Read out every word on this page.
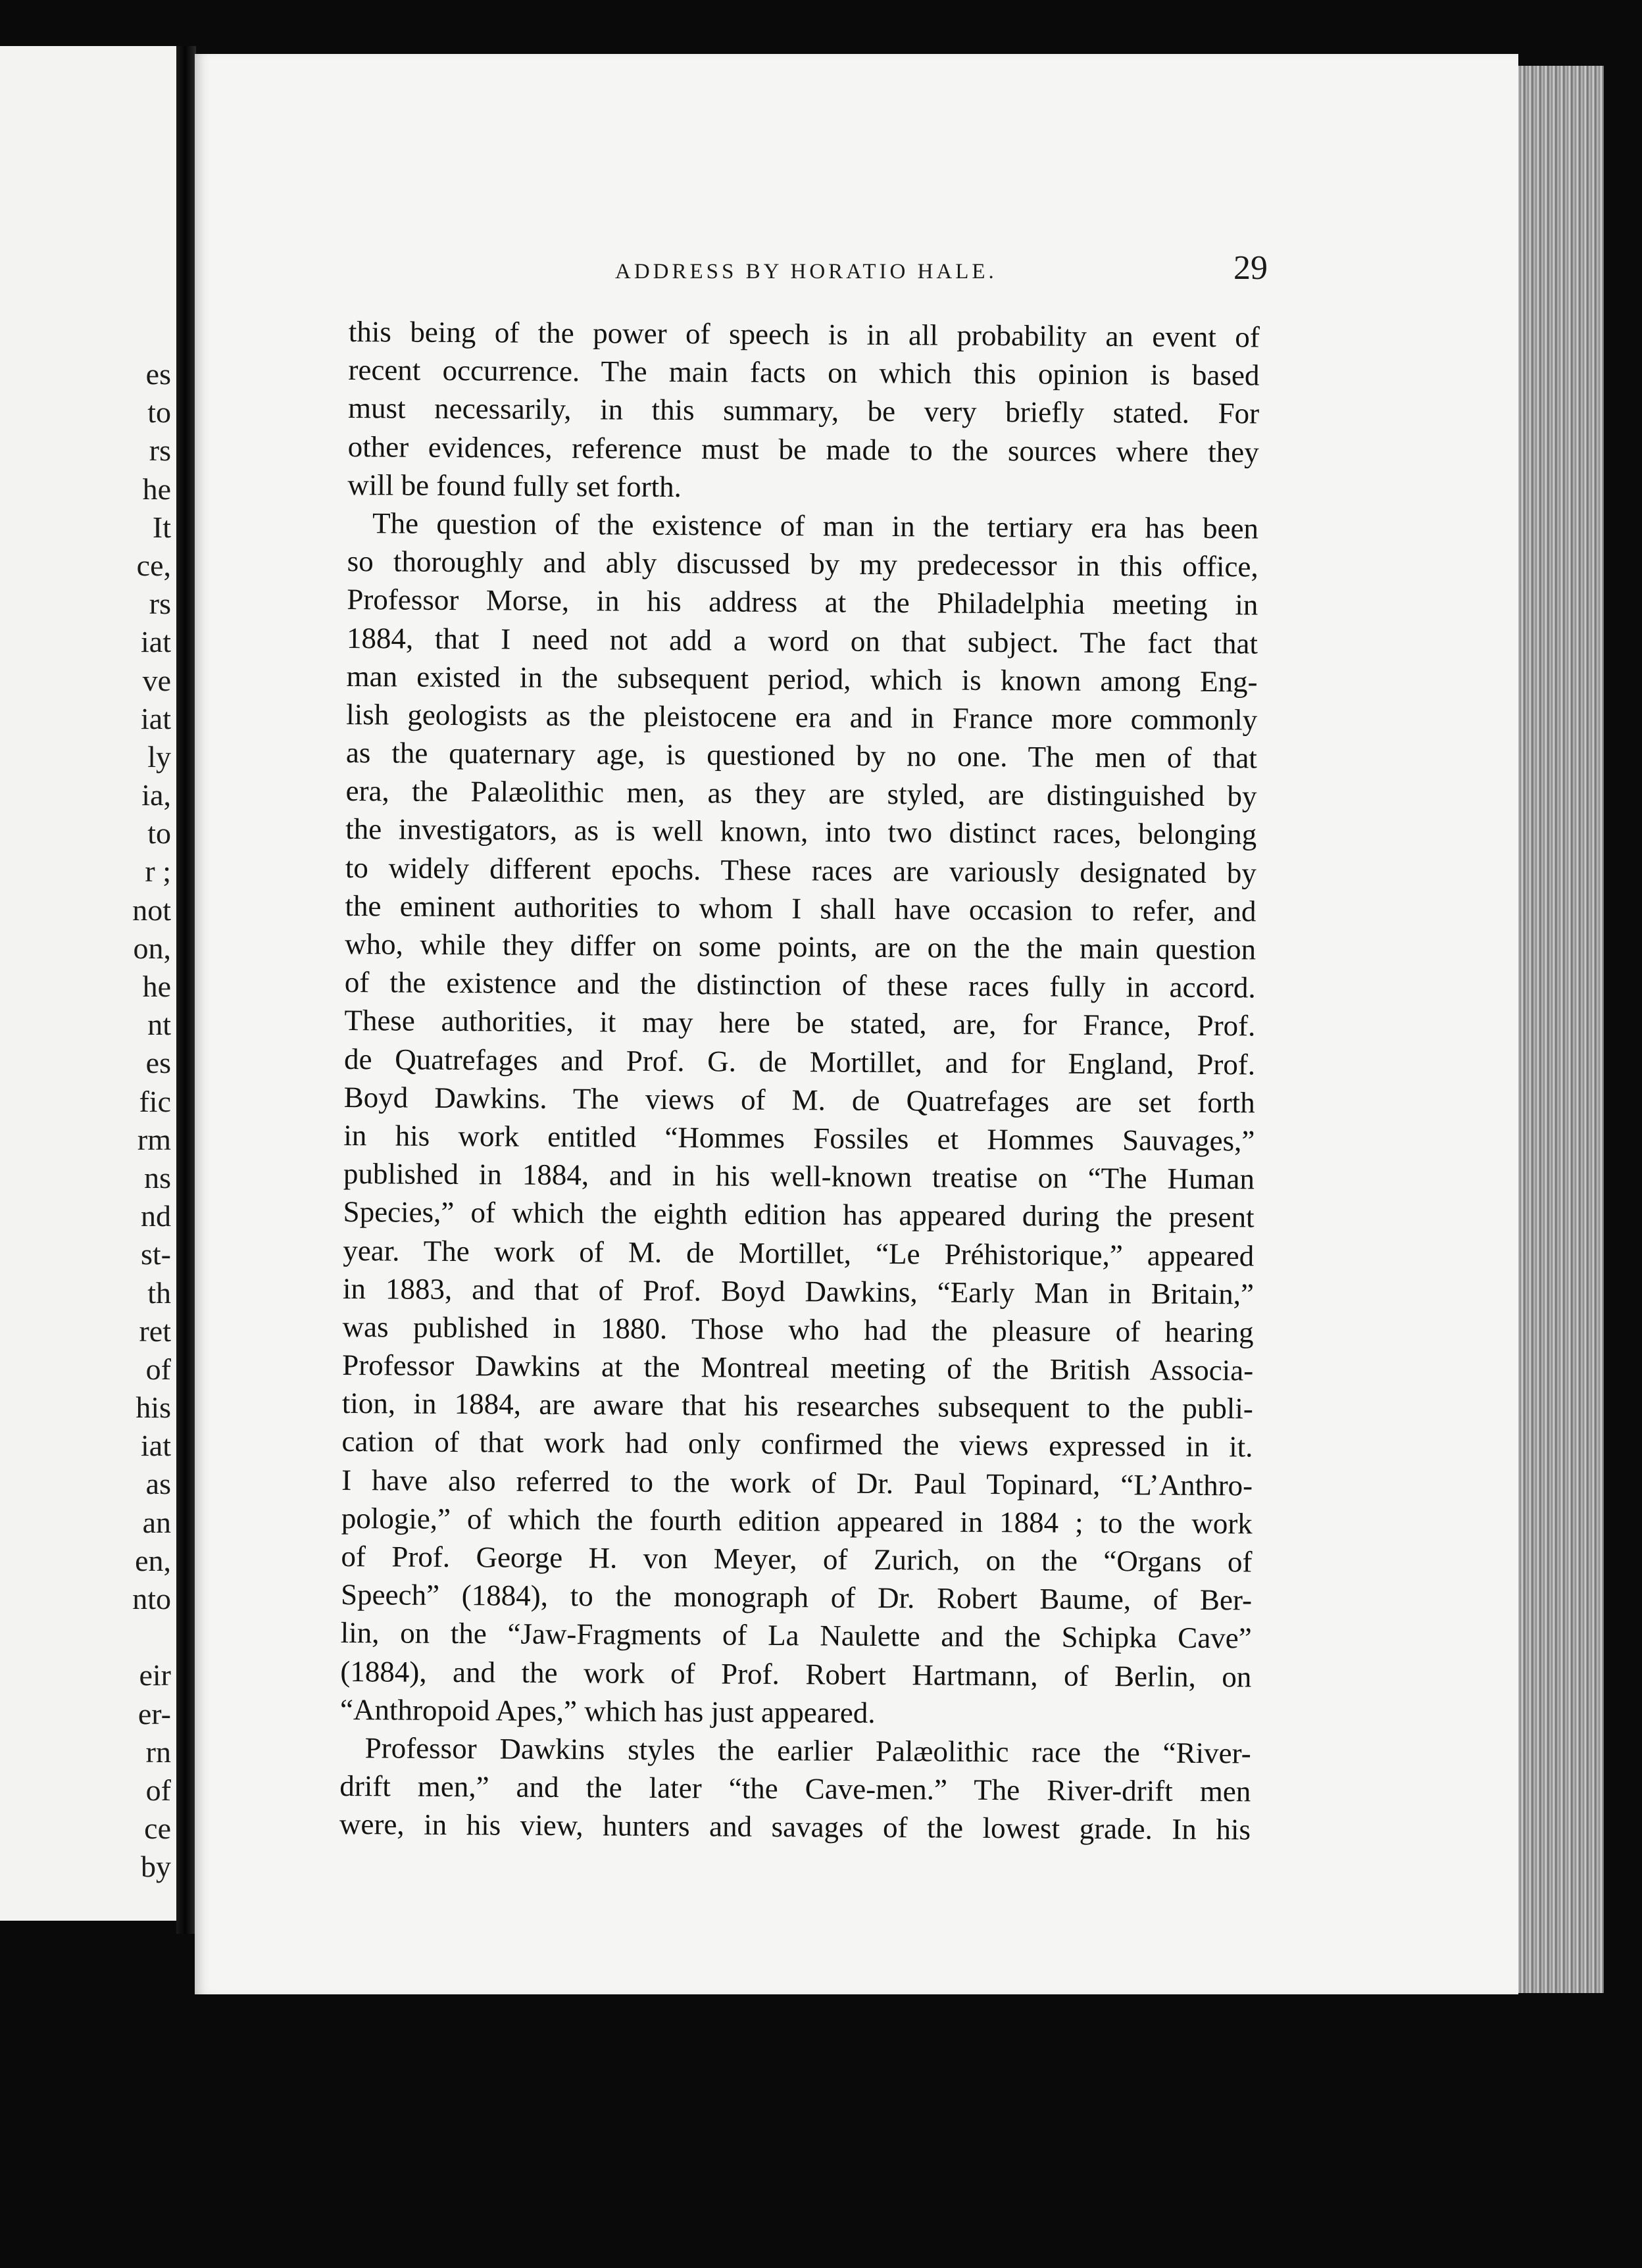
es
to
rs
he
It
ce,
rs
iat
ve
iat
ly
ia,
to
r ;
not
on,
he
nt
es
fic
rm
ns
nd
st-
th
ret
of
his
iat
as
an
en,
nto
eir
er-
rn
of
ce
by
ADDRESS BY HORATIO HALE.	29
this being of the power of speech is in all probability an event of
recent occurrence. The main facts on which this opinion is based
must necessarily, in this summary, be very briefly stated. For
other evidences, reference must be made to the sources where they
will be found fully set forth.
The question of the existence of man in the tertiary era has been
so thoroughly and ably discussed by my predecessor in this office,
Professor Morse, in his address at the Philadelphia meeting in
1884, that I need not add a word on that subject. The fact that
man existed in the subsequent period, which is known among Eng-
lish geologists as the pleistocene era and in France more commonly
as the quaternary age, is questioned by no one. The men of that
era, the Palæolithic men, as they are styled, are distinguished by
the investigators, as is well known, into two distinct races, belonging
to widely different epochs. These races are variously designated by
the eminent authorities to whom I shall have occasion to refer, and
who, while they differ on some points, are on the the main question
of the existence and the distinction of these races fully in accord.
These authorities, it may here be stated, are, for France, Prof.
de Quatrefages and Prof. G. de Mortillet, and for England, Prof.
Boyd Dawkins. The views of M. de Quatrefages are set forth
in his work entitled “Hommes Fossiles et Hommes Sauvages,”
published in 1884, and in his well-known treatise on “The Human
Species,” of which the eighth edition has appeared during the present
year. The work of M. de Mortillet, “Le Préhistorique,” appeared
in 1883, and that of Prof. Boyd Dawkins, “Early Man in Britain,”
was published in 1880. Those who had the pleasure of hearing
Professor Dawkins at the Montreal meeting of the British Associa-
tion, in 1884, are aware that his researches subsequent to the publi-
cation of that work had only confirmed the views expressed in it.
I have also referred to the work of Dr. Paul Topinard, “L’Anthro-
pologie,” of which the fourth edition appeared in 1884 ; to the work
of Prof. George H. von Meyer, of Zurich, on the “Organs of
Speech” (1884), to the monograph of Dr. Robert Baume, of Ber-
lin, on the “Jaw-Fragments of La Naulette and the Schipka Cave”
(1884), and the work of Prof. Robert Hartmann, of Berlin, on
“Anthropoid Apes,” which has just appeared.
Professor Dawkins styles the earlier Palæolithic race the “River-
drift men,” and the later “the Cave-men.” The River-drift men
were, in his view, hunters and savages of the lowest grade. In his
